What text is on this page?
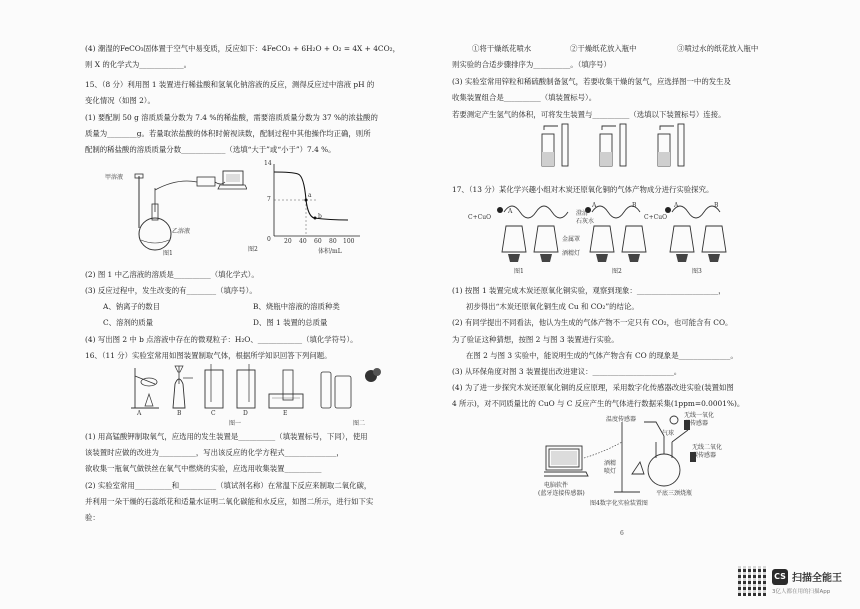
(4) 潮湿的FeCO₃固体置于空气中易变质，反应如下：4FeCO₃ + 6H₂O + O₂ = 4X + 4CO₂，
则 X 的化学式为____________。
15、（8 分）利用图 1 装置进行稀盐酸和氢氧化钠溶液的反应，测得反应过中溶液 pH 的
变化情况（如图 2）。
(1) 要配制 50 g 溶质质量分数为 7.4 %的稀盐酸，需要溶质质量分数为 37 %的浓盐酸的
质量为________g。若量取浓盐酸的体积时俯视读数，配制过程中其他操作均正确，则所
配制的稀盐酸的溶质质量分数____________（选填“大于”或“小于”）7.4 %。
(2) 图 1 中乙溶液的溶质是__________（填化学式）。
(3) 反应过程中，发生改变的有________（填序号）。
A、钠离子的数目	B、烧瓶中溶液的溶质种类
C、溶剂的质量	D、图 1 装置的总质量
(4) 写出图 2 中 b 点溶液中存在的微观粒子：H₂O、____________（填化学符号）。
16、（11 分）实验室常用如图装置制取气体，根据所学知识回答下列问题。
(1) 用高锰酸钾制取氧气，应选用的发生装置是__________（填装置标号，下同），使用
该装置时应做的改进为__________，写出该反应的化学方程式______________，
欲收集一瓶氧气做铁丝在氧气中燃烧的实验，应选用收集装置__________
(2) 实验室常用__________和__________（填试剂名称）在常温下反应来制取二氧化碳，
并利用一朵干燥的石蕊纸花和适量水证明二氧化碳能和水反应，如图二所示，进行如下实
验：
甲溶液
乙溶液
图1
14
7
0
a
b
20 40 60 80 100
体积/mL
图2
A	B	C	D	E
图一	图二
①将干燥纸花喷水	②干燥纸花放入瓶中	③喷过水的纸花放入瓶中
则实验的合适步骤排序为__________。（填序号）
(3) 实验室常用锌粒和稀硫酸制备氢气，若要收集干燥的氢气，应选择图一中的发生及
收集装置组合是__________（填装置标号）。
若要测定产生氢气的体积，可将发生装置与__________（选填以下装置标号）连接。
17、（13 分）某化学兴趣小组对木炭还原氧化铜的气体产物成分进行实验探究。
(1) 按图 1 装置完成木炭还原氧化铜实验，观察到现象：______________________，
初步得出“木炭还原氧化铜生成 Cu 和 CO₂”的结论。
(2) 有同学提出不同看法，他认为生成的气体产物不一定只有 CO₂，也可能含有 CO。
为了验证这种猜想，按图 2 与图 3 装置进行实验。
在图 2 与图 3 实验中，能说明生成的气体产物含有 CO 的现象是______________。
(3) 从环保角度对图 3 装置提出改进建议：______________________。
(4) 为了进一步探究木炭还原氧化铜的反应原理，采用数字化传感器改进实验(装置如图
4 所示)，对不同质量比的 CuO 与 C 反应产生的气体进行数据采集(1ppm=0.0001%)。
C+CuO
A	澄清
石灰水
金属罩
酒精灯
A	B
C+CuO
A	B
图1	图2	图3
无线一氧化
碳传感器
温度传感器
气球
无线二氧化
碳传感器
酒精
喷灯
平底三颈烧瓶
电脑软件
(蓝牙连接传感器)
图4数字化实验装置图
6
CS 扫描全能王
3亿人都在用的扫描App
